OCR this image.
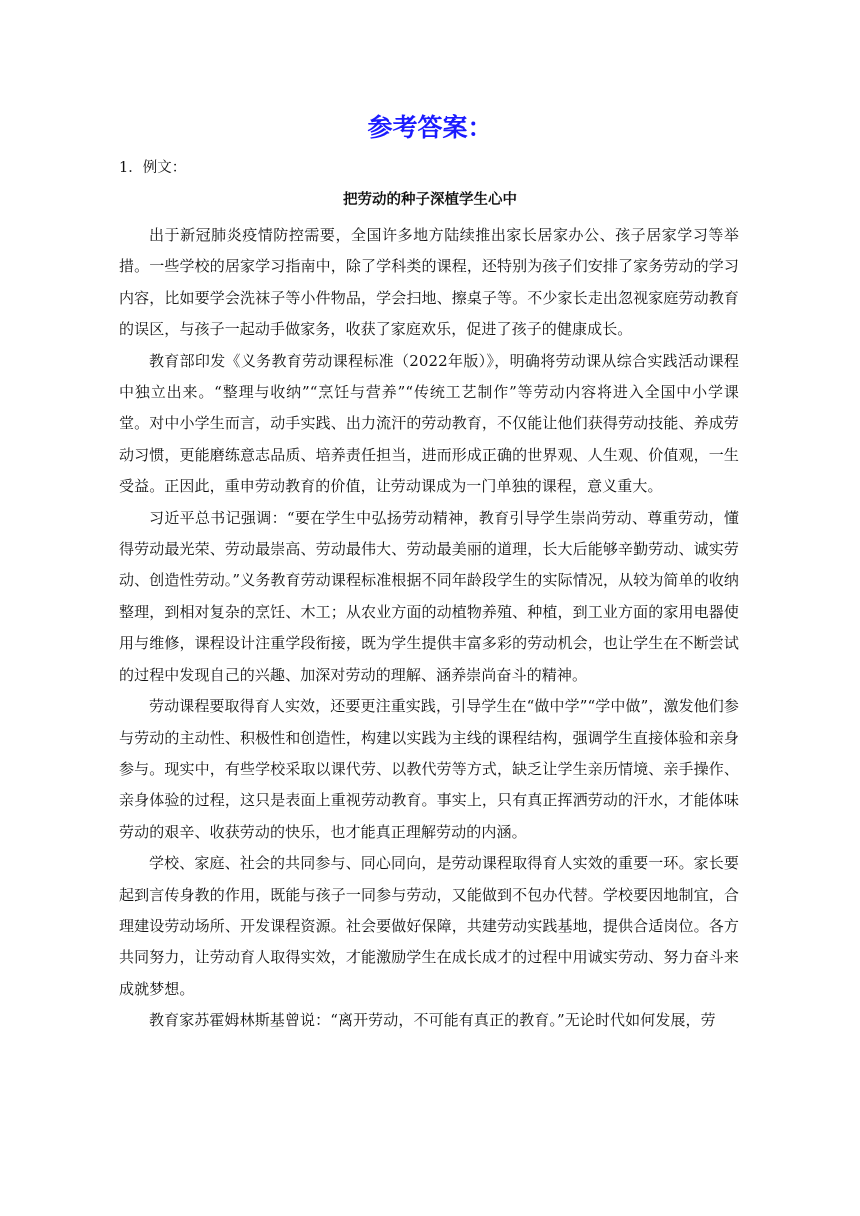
参考答案：
1．例文：
把劳动的种子深植学生心中

出于新冠肺炎疫情防控需要，全国许多地方陆续推出家长居家办公、孩子居家学习等举措。一些学校的居家学习指南中，除了学科类的课程，还特别为孩子们安排了家务劳动的学习内容，比如要学会洗袜子等小件物品，学会扫地、擦桌子等。不少家长走出忽视家庭劳动教育的误区，与孩子一起动手做家务，收获了家庭欢乐，促进了孩子的健康成长。

教育部印发《义务教育劳动课程标准（2022年版）》，明确将劳动课从综合实践活动课程中独立出来。“整理与收纳”“烹饪与营养”“传统工艺制作”等劳动内容将进入全国中小学课堂。对中小学生而言，动手实践、出力流汗的劳动教育，不仅能让他们获得劳动技能、养成劳动习惯，更能磨练意志品质、培养责任担当，进而形成正确的世界观、人生观、价值观，一生受益。正因此，重申劳动教育的价值，让劳动课成为一门单独的课程，意义重大。

习近平总书记强调：“要在学生中弘扬劳动精神，教育引导学生崇尚劳动、尊重劳动，懂得劳动最光荣、劳动最崇高、劳动最伟大、劳动最美丽的道理，长大后能够辛勤劳动、诚实劳动、创造性劳动。”义务教育劳动课程标准根据不同年龄段学生的实际情况，从较为简单的收纳整理，到相对复杂的烹饪、木工；从农业方面的动植物养殖、种植，到工业方面的家用电器使用与维修，课程设计注重学段衔接，既为学生提供丰富多彩的劳动机会，也让学生在不断尝试的过程中发现自己的兴趣、加深对劳动的理解、涵养崇尚奋斗的精神。

劳动课程要取得育人实效，还要更注重实践，引导学生在“做中学”“学中做”，激发他们参与劳动的主动性、积极性和创造性，构建以实践为主线的课程结构，强调学生直接体验和亲身参与。现实中，有些学校采取以课代劳、以教代劳等方式，缺乏让学生亲历情境、亲手操作、亲身体验的过程，这只是表面上重视劳动教育。事实上，只有真正挥洒劳动的汗水，才能体味劳动的艰辛、收获劳动的快乐，也才能真正理解劳动的内涵。

学校、家庭、社会的共同参与、同心同向，是劳动课程取得育人实效的重要一环。家长要起到言传身教的作用，既能与孩子一同参与劳动，又能做到不包办代替。学校要因地制宜，合理建设劳动场所、开发课程资源。社会要做好保障，共建劳动实践基地，提供合适岗位。各方共同努力，让劳动育人取得实效，才能激励学生在成长成才的过程中用诚实劳动、努力奋斗来成就梦想。

教育家苏霍姆林斯基曾说：“离开劳动，不可能有真正的教育。”无论时代如何发展，劳
